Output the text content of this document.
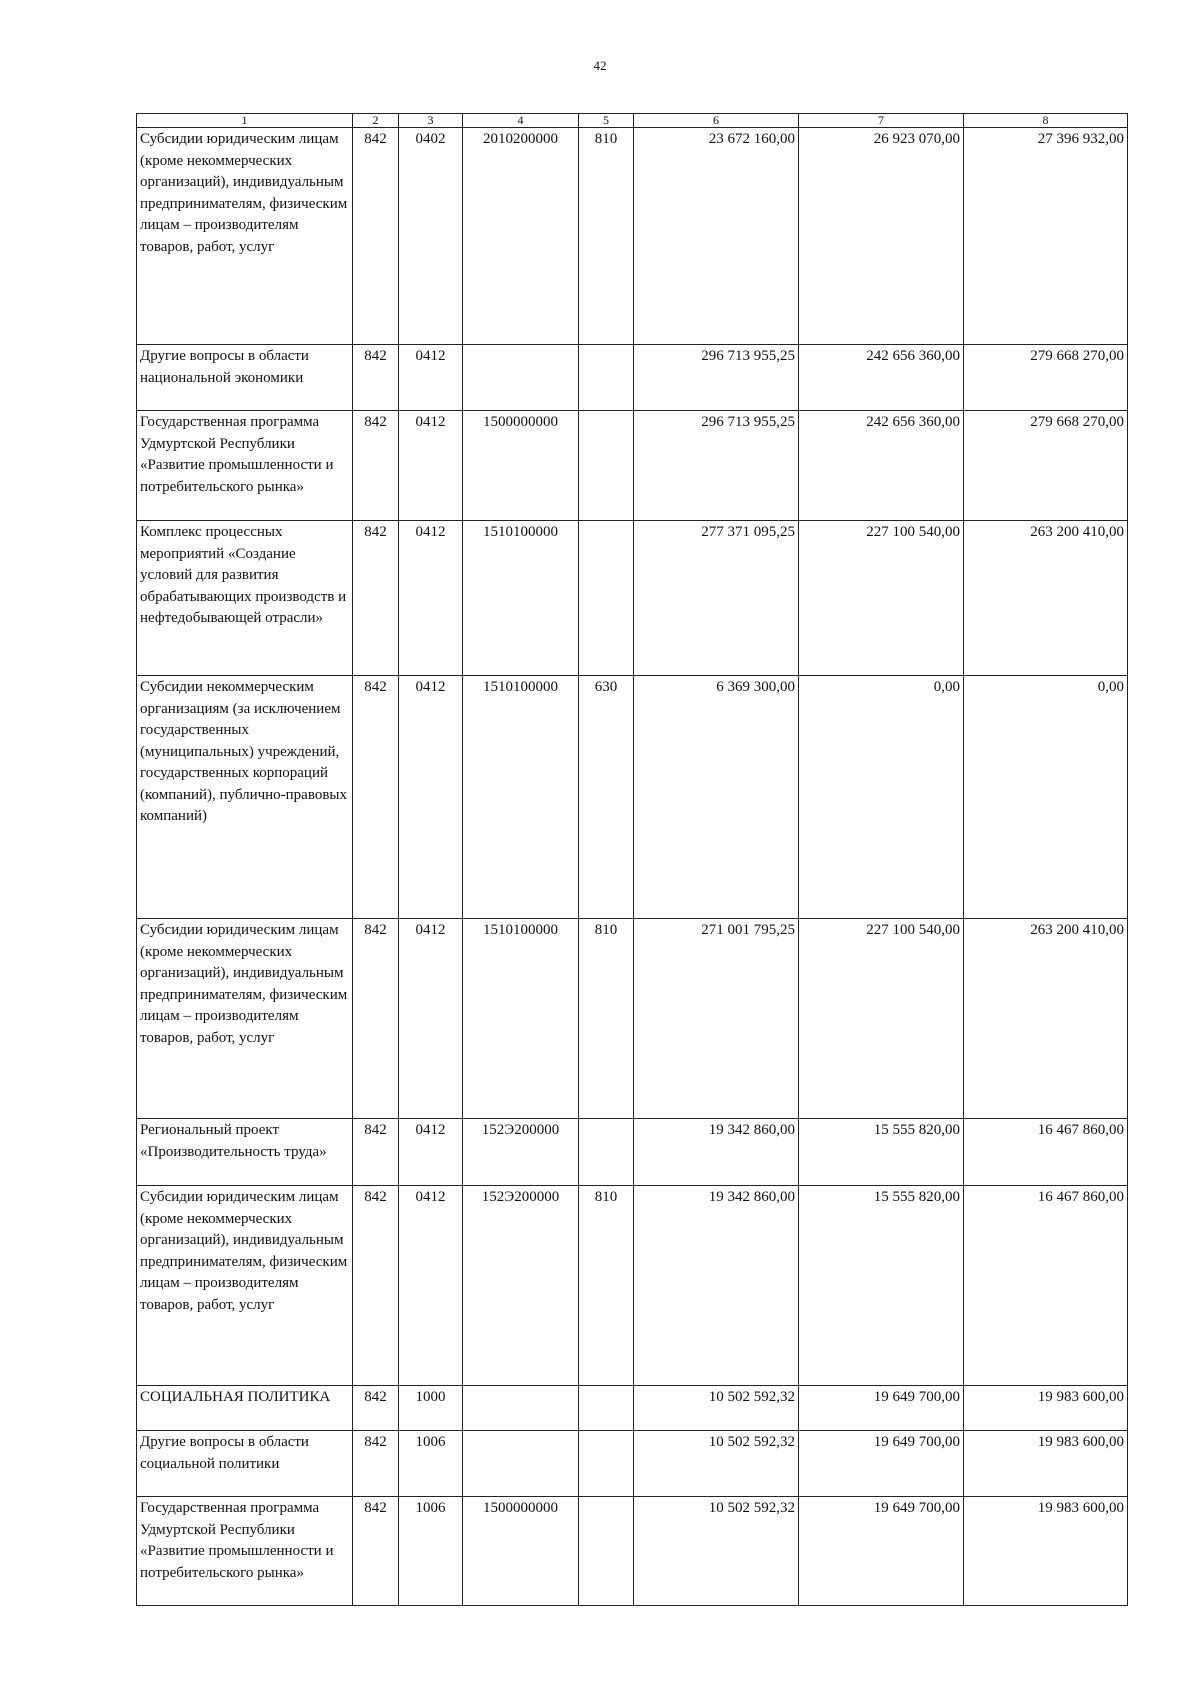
42
1	2	3	4	5	6	7	8
Субсидии юридическим лицам (кроме некоммерческих организаций), индивидуальным предпринимателям, физическим лицам – производителям товаров, работ, услуг	842	0402	2010200000	810	23 672 160,00	26 923 070,00	27 396 932,00
Другие вопросы в области национальной экономики	842	0412			296 713 955,25	242 656 360,00	279 668 270,00
Государственная программа Удмуртской Республики «Развитие промышленности и потребительского рынка»	842	0412	1500000000		296 713 955,25	242 656 360,00	279 668 270,00
Комплекс процессных мероприятий «Создание условий для развития обрабатывающих производств и нефтедобывающей отрасли»	842	0412	1510100000		277 371 095,25	227 100 540,00	263 200 410,00
Субсидии некоммерческим организациям (за исключением государственных (муниципальных) учреждений, государственных корпораций (компаний), публично-правовых компаний)	842	0412	1510100000	630	6 369 300,00	0,00	0,00
Субсидии юридическим лицам (кроме некоммерческих организаций), индивидуальным предпринимателям, физическим лицам – производителям товаров, работ, услуг	842	0412	1510100000	810	271 001 795,25	227 100 540,00	263 200 410,00
Региональный проект «Производительность труда»	842	0412	152Э200000		19 342 860,00	15 555 820,00	16 467 860,00
Субсидии юридическим лицам (кроме некоммерческих организаций), индивидуальным предпринимателям, физическим лицам – производителям товаров, работ, услуг	842	0412	152Э200000	810	19 342 860,00	15 555 820,00	16 467 860,00
СОЦИАЛЬНАЯ ПОЛИТИКА	842	1000			10 502 592,32	19 649 700,00	19 983 600,00
Другие вопросы в области социальной политики	842	1006			10 502 592,32	19 649 700,00	19 983 600,00
Государственная программа Удмуртской Республики «Развитие промышленности и потребительского рынка»	842	1006	1500000000		10 502 592,32	19 649 700,00	19 983 600,00
